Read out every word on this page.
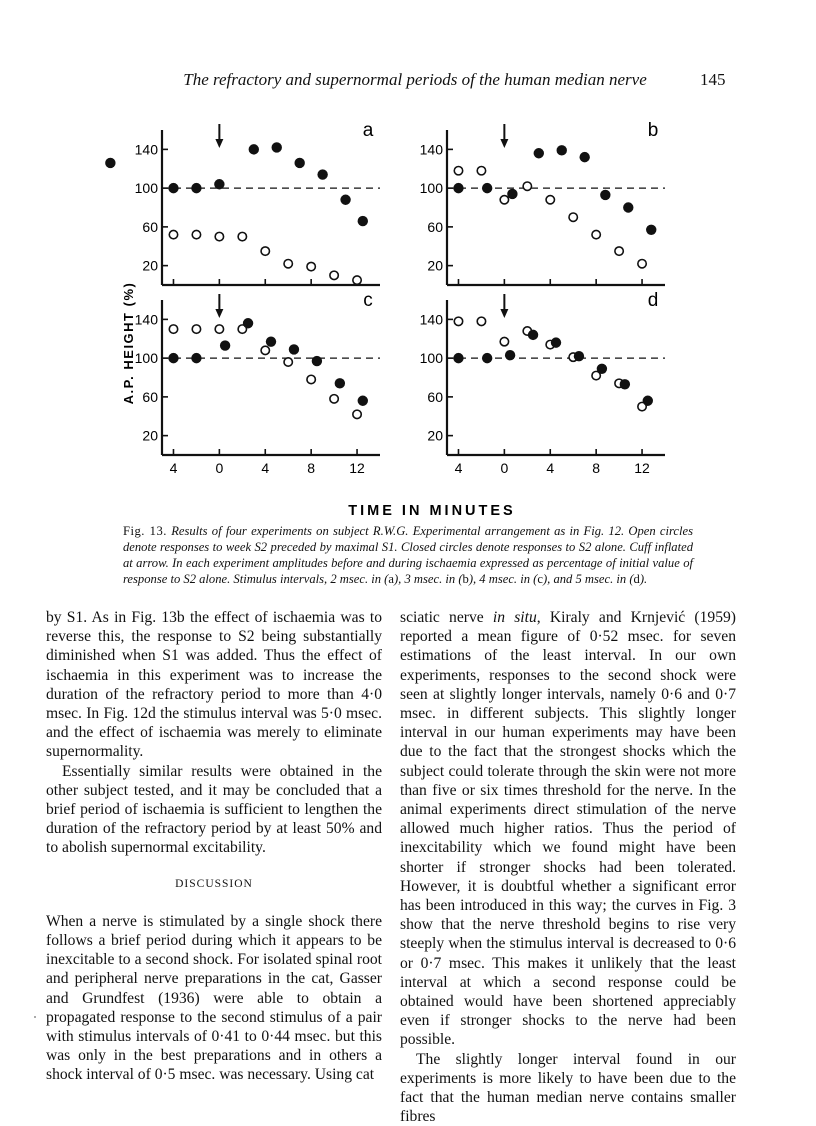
The refractory and supernormal periods of the human median nerve	145
140
100
60
20
a
140
100
60
20
b
140
100
60
20
4	0	4	8 12
c
140
100
60
20
4	0	4	8 12
d
A.P. HEIGHT (%)
TIME IN MINUTES
Fig. 13. Results of four experiments on subject R.W.G. Experimental arrangement as in Fig. 12. Open circles denote responses to week S2 preceded by maximal S1. Closed circles denote responses to S2 alone. Cuff inflated at arrow. In each experiment amplitudes before and during ischaemia expressed as percentage of initial value of response to S2 alone. Stimulus intervals, 2 msec. in (a), 3 msec. in (b), 4 msec. in (c), and 5 msec. in (d).

by S1. As in Fig. 13b the effect of ischaemia was to reverse this, the response to S2 being substantially diminished when S1 was added. Thus the effect of ischaemia in this experiment was to increase the duration of the refractory period to more than 4·0 msec. In Fig. 12d the stimulus interval was 5·0 msec. and the effect of ischaemia was merely to eliminate supernormality.

Essentially similar results were obtained in the other subject tested, and it may be concluded that a brief period of ischaemia is sufficient to lengthen the duration of the refractory period by at least 50% and to abolish supernormal excitability.

DISCUSSION

When a nerve is stimulated by a single shock there follows a brief period during which it appears to be inexcitable to a second shock. For isolated spinal root and peripheral nerve preparations in the cat, Gasser and Grundfest (1936) were able to obtain a propagated response to the second stimulus of a pair with stimulus intervals of 0·41 to 0·44 msec. but this was only in the best preparations and in others a shock interval of 0·5 msec. was necessary. Using cat

sciatic nerve in situ, Kiraly and Krnjević (1959) reported a mean figure of 0·52 msec. for seven estimations of the least interval. In our own experiments, responses to the second shock were seen at slightly longer intervals, namely 0·6 and 0·7 msec. in different subjects. This slightly longer interval in our human experiments may have been due to the fact that the strongest shocks which the subject could tolerate through the skin were not more than five or six times threshold for the nerve. In the animal experiments direct stimulation of the nerve allowed much higher ratios. Thus the period of inexcitability which we found might have been shorter if stronger shocks had been tolerated. However, it is doubtful whether a significant error has been introduced in this way; the curves in Fig. 3 show that the nerve threshold begins to rise very steeply when the stimulus interval is decreased to 0·6 or 0·7 msec. This makes it unlikely that the least interval at which a second response could be obtained would have been shortened appreciably even if stronger shocks to the nerve had been possible.

The slightly longer interval found in our experiments is more likely to have been due to the fact that the human median nerve contains smaller fibres
